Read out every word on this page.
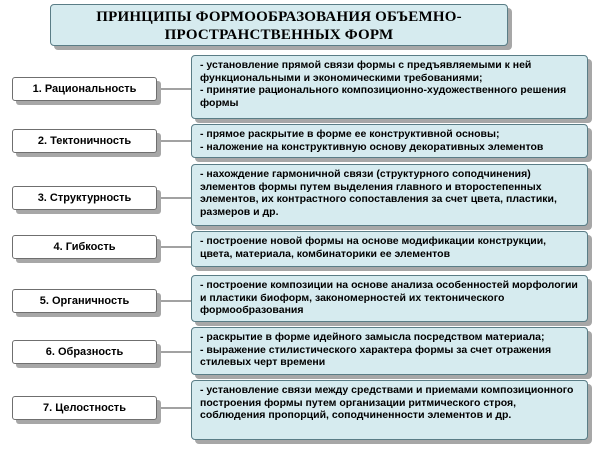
ПРИНЦИПЫ ФОРМООБРАЗОВАНИЯ ОБЪЕМНО-
ПРОСТРАНСТВЕННЫХ ФОРМ
1. Рациональность

- установление прямой связи формы с предъявляемыми к ней функциональными и экономическими требованиями;

- принятие рационального композиционно-художественного решения формы

2. Тектоничность

- прямое раскрытие в форме ее конструктивной основы;

- наложение на конструктивную основу декоративных элементов

3. Структурность

- нахождение гармоничной связи (структурного соподчинения) элементов формы путем выделения главного и второстепенных элементов, их контрастного сопоставления за счет цвета, пластики, размеров и др.

4. Гибкость	- построение новой формы на основе модификации конструкции, цвета, материала, комбинаторики ее элементов

5. Органичность

- построение композиции на основе анализа особенностей морфологии и пластики биоформ, закономерностей их тектонического формообразования

6. Образность

- раскрытие в форме идейного замысла посредством материала;

- выражение стилистического характера формы за счет отражения стилевых черт времени

7. Целостность

- установление связи между средствами и приемами композиционного построения формы путем организации ритмического строя, соблюдения пропорций, соподчиненности элементов и др.
